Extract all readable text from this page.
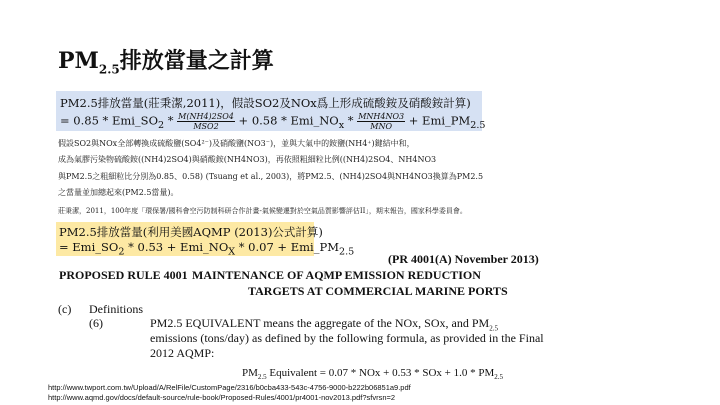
$PM_{2.5}$排放當量之計算
PM2.5排放當量(莊秉潔,2011)，假設SO2及NOx爲上形成硫酸銨及硝酸銨計算)
= $0.85 * Emi\_SO_2 * \frac{M(NH4)2SO4}{\text{MSO2}} + 0.58$ * $Emi\_NO_x * \frac{\text{MNH4NO3}}{\text{MNO}}$ + $Emi\_PM_{2.5}$
假設SO2與NOx全部轉換成硫酸鹽(SO4²⁻)及硝酸鹽(NO3⁻)，並與大氣中的銨鹽(NH4⁺)鍵結中和，
成為氣膠污染物硫酸銨((NH4)2SO4)與硝酸銨(NH4NO3)，再依照粗細粒比例((NH4)2SO4、NH4NO3
與PM2.5之粗細粒比分別為0.85、0.58) (Tsuang et al., 2003)，將PM2.5、(NH4)2SO4與NH4NO3換算為PM2.5
之當量並加總起來(PM2.5當量)。
莊秉潔，2011，100年度「環保署/國科會空污防制科研合作計畫-氣候變遷對於空氣品質影響評估II」，期末報告，國家科學委員會。
PM2.5排放當量(利用美國AQMP (2013)公式計算)
= $Emi\_SO_2 * 0.53$ + $Emi\_NO_X * 0.07$ + $Emi\_PM_{2.5}$
(PR 4001(A) November 2013)
PROPOSED RULE 4001 MAINTENANCE OF AQMP EMISSION REDUCTION
TARGETS AT COMMERCIAL MARINE PORTS
(c) Definitions
(6)	PM2.5 EQUIVALENT means the aggregate of the NOx, SOx, and $PM_{2.5}$
emissions (tons/day) as defined by the following formula, as provided in the Final
2012 AQMP:
$PM_{2.5}$ Equivalent = 0.07 * NOx + 0.53 * SOx + $1.0 * PM_{2.5}$
http://www.twport.com.tw/Upload/A/RelFile/CustomPage/2316/b0cba433-543c-4756-9000-b222b06851a9.pdf
http://www.aqmd.gov/docs/default-source/rule-book/Proposed-Rules/4001/pr4001-nov2013.pdf?sfvrsn=2
